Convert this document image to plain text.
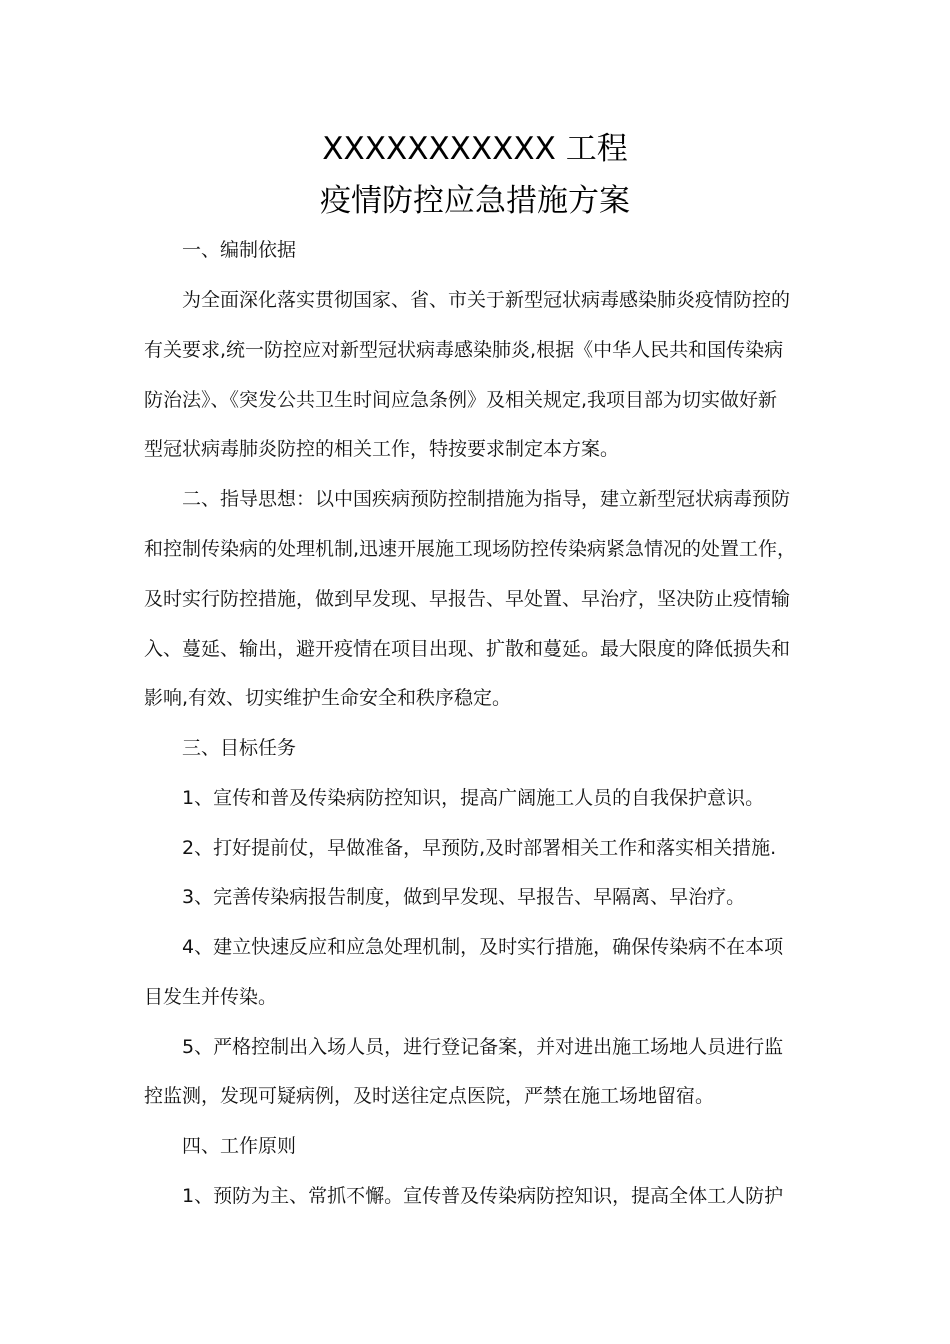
XXXXXXXXXXX 工程
疫情防控应急措施方案
一、编制依据
为全面深化落实贯彻国家、省、市关于新型冠状病毒感染肺炎疫情防控的
有关要求,统一防控应对新型冠状病毒感染肺炎,根据《中华人民共和国传染病
防治法》、《突发公共卫生时间应急条例》及相关规定,我项目部为切实做好新
型冠状病毒肺炎防控的相关工作，特按要求制定本方案。
二、指导思想：以中国疾病预防控制措施为指导，建立新型冠状病毒预防
和控制传染病的处理机制,迅速开展施工现场防控传染病紧急情况的处置工作，
及时实行防控措施，做到早发现、早报告、早处置、早治疗，坚决防止疫情输
入、蔓延、输出，避开疫情在项目出现、扩散和蔓延。最大限度的降低损失和
影响,有效、切实维护生命安全和秩序稳定。
三、目标任务
1、宣传和普及传染病防控知识，提高广阔施工人员的自我保护意识。
2、打好提前仗，早做准备，早预防,及时部署相关工作和落实相关措施.
3、完善传染病报告制度，做到早发现、早报告、早隔离、早治疗。
4、建立快速反应和应急处理机制，及时实行措施，确保传染病不在本项
目发生并传染。
5、严格控制出入场人员，进行登记备案，并对进出施工场地人员进行监
控监测，发现可疑病例，及时送往定点医院，严禁在施工场地留宿。
四、工作原则
1、预防为主、常抓不懈。宣传普及传染病防控知识，提高全体工人防护
